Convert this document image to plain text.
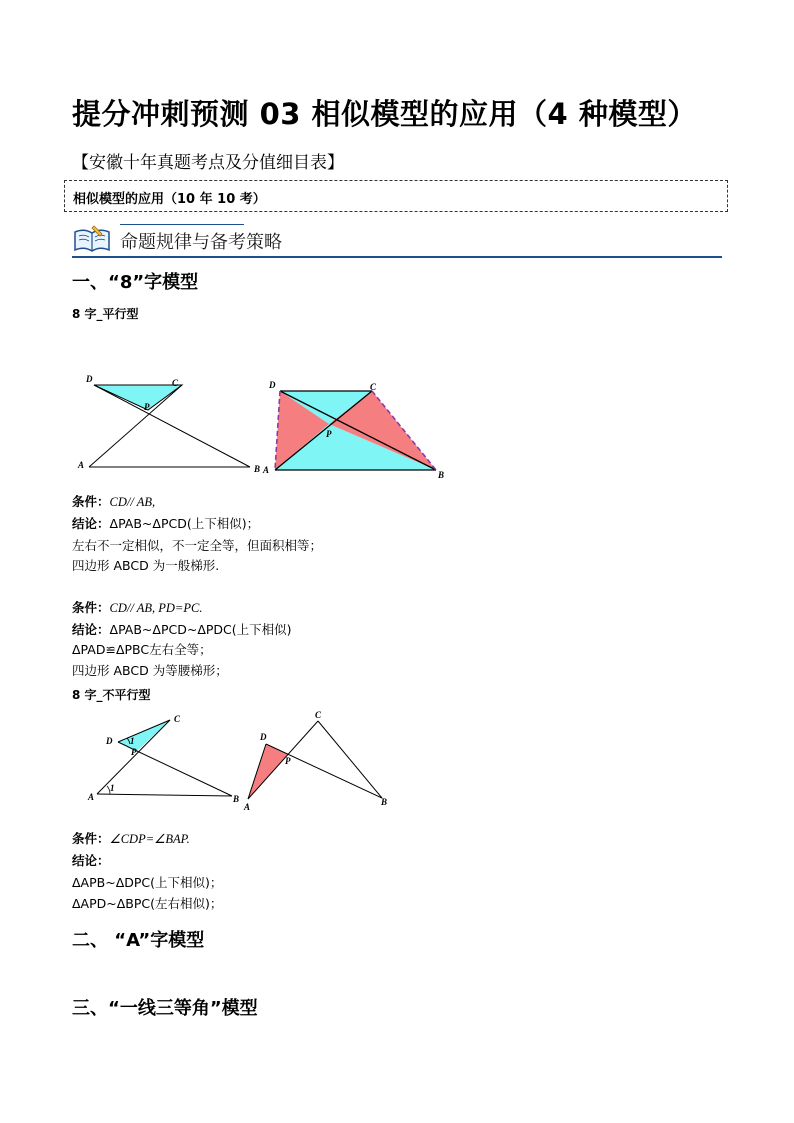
提分冲刺预测 03 相似模型的应用（4 种模型）
【安徽十年真题考点及分值细目表】
相似模型的应用（10 年 10 考）
命题规律与备考策略
一、“8”字模型
8 字_平行型
D	C
P
A	B
D	C
P
A	B
条件：CD// AB,
结论：ΔPAB~ΔPCD(上下相似)；
左右不一定相似，不一定全等，但面积相等；
四边形 ABCD 为一般梯形.
条件：CD// AB, PD=PC.
结论：ΔPAB~ΔPCD~ΔPDC(上下相似)
ΔPAD≌ΔPBC左右全等；
四边形 ABCD 为等腰梯形；
8 字_不平行型
D
C
P
1
A
1
B
D
C
P
A	B
条件：∠CDP=∠BAP.
结论：
ΔAPB~ΔDPC(上下相似)；
ΔAPD~ΔBPC(左右相似)；
二、 “A”字模型
三、“一线三等角”模型
